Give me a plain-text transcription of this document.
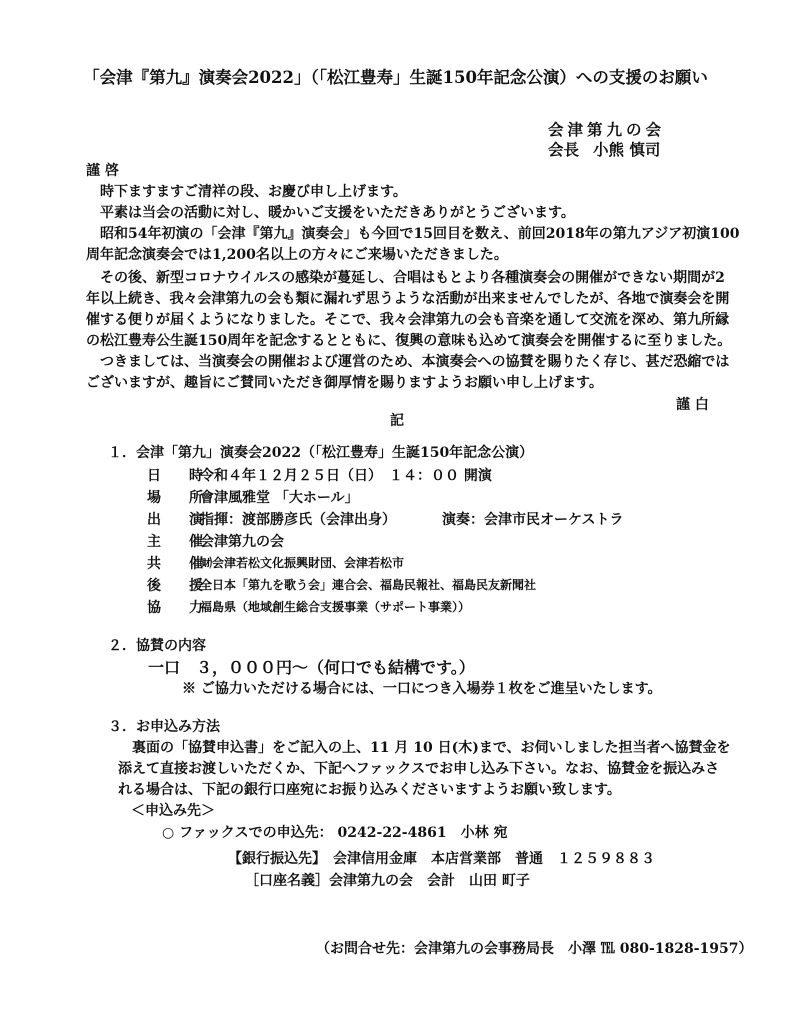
「会津『第九』演奏会2022」（「松江豊寿」生誕150年記念公演）への支援のお願い
会津第九の会
会長 小熊 慎司
謹 啓
時下ますますご清祥の段、お慶び申し上げます。
平素は当会の活動に対し、暖かいご支援をいただきありがとうございます。
昭和54年初演の「会津『第九』演奏会」も今回で15回目を数え、前回2018年の第九アジア初演100
周年記念演奏会では1,200名以上の方々にご来場いただきました。
その後、新型コロナウイルスの感染が蔓延し、合唱はもとより各種演奏会の開催ができない期間が2
年以上続き、我々会津第九の会も類に漏れず思うような活動が出来ませんでしたが、各地で演奏会を開
催する便りが届くようになりました。そこで、我々会津第九の会も音楽を通して交流を深め、第九所縁
の松江豊寿公生誕150周年を記念するとともに、復興の意味も込めて演奏会を開催するに至りました。
つきましては、当演奏会の開催および運営のため、本演奏会への協賛を賜りたく存じ、甚だ恐縮では
ございますが、趣旨にご賛同いただき御厚情を賜りますようお願い申し上げます。
謹 白
記
１．会津「第九」演奏会2022（「松江豊寿」生誕150年記念公演）
日時
令和４年１２月２５日（日）　１４：００ 開演
場所
會津風雅堂 「大ホール」
出演
指揮：渡部勝彦氏（会津出身）	演奏：会津市民オーケストラ
主催
会津第九の会
共催
㈶会津若松文化振興財団、会津若松市
後援
全日本「第九を歌う会」連合会、福島民報社、福島民友新聞社
協力
福島県（地域創生総合支援事業（サポート事業））
２．協賛の内容
一口　３，０００円～（何口でも結構です。）
※ ご協力いただける場合には、一口につき入場券１枚をご進呈いたします。
３．お申込み方法
裏面の「協賛申込書」をご記入の上、11 月 10 日(木)まで、お伺いしました担当者へ協賛金を
添えて直接お渡しいただくか、下記へファックスでお申し込み下さい。なお、協賛金を振込みさ
れる場合は、下記の銀行口座宛にお振り込みくださいますようお願い致します。
＜申込み先＞
○ ファックスでの申込先： 0242-22-4861　小林 宛
【銀行振込先】　会津信用金庫　本店営業部　普通　１２５９８８３
［口座名義］会津第九の会　会計　山田 町子
（お問合せ先：会津第九の会事務局長　小澤 ℡ 080-1828-1957）
